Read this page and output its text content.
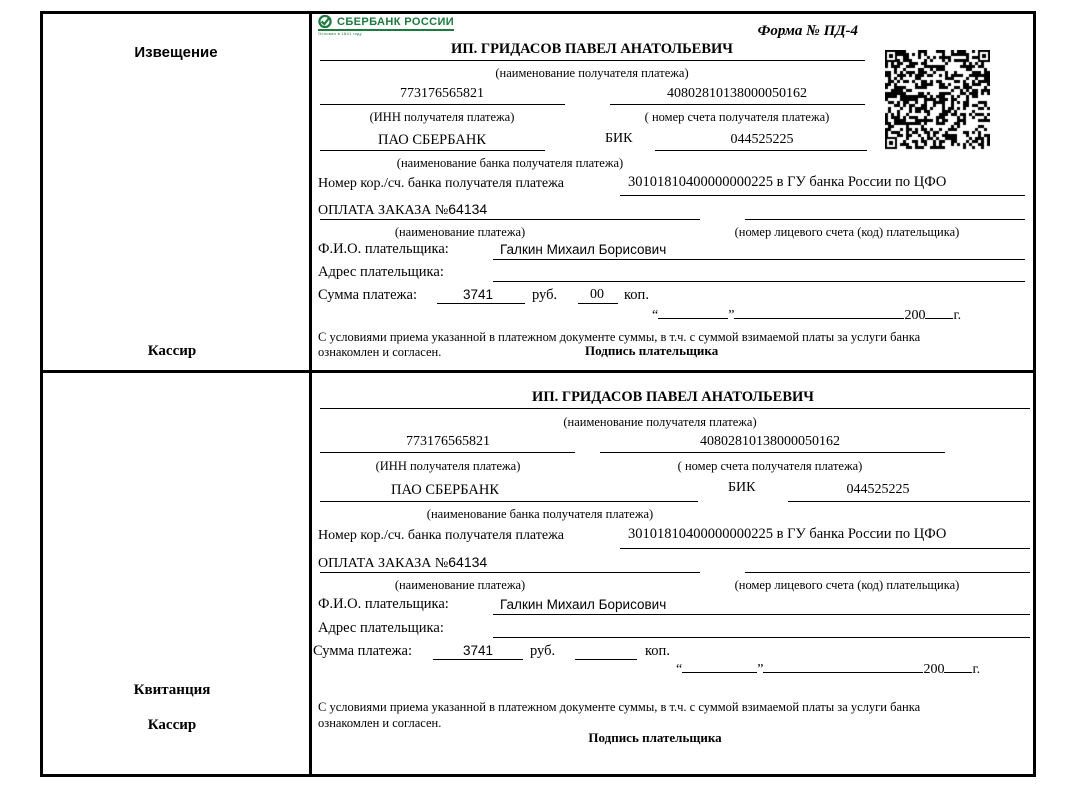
Извещение
Кассир
Квитанция
Кассир
СБЕРБАНК РОССИИ
Основан в 1841 году	Форма № ПД-4
ИП. ГРИДАСОВ ПАВЕЛ АНАТОЛЬЕВИЧ
(наименование получателя платежа)
773176565821	40802810138000050162
(ИНН получателя платежа)	( номер счета получателя платежа)
ПАО СБЕРБАНК	БИК	044525225
(наименование банка получателя платежа)
Номер кор./сч. банка получателя платежа	30101810400000000225 в ГУ банка России по ЦФО
ОПЛАТА ЗАКАЗА №64134
(наименование платежа)	(номер лицевого счета (код) плательщика)
Ф.И.О. плательщика:	Галкин Михаил Борисович
Адрес плательщика:
Сумма платежа:	3741	руб. 00 коп.
“	”	200 г.
С условиями приема указанной в платежном документе суммы, в т.ч. с суммой взимаемой платы за услуги банка
ознакомлен и согласен.	Подпись плательщика
ИП. ГРИДАСОВ ПАВЕЛ АНАТОЛЬЕВИЧ
(наименование получателя платежа)
773176565821	40802810138000050162
(ИНН получателя платежа)	( номер счета получателя платежа)
ПАО СБЕРБАНК	БИК	044525225
(наименование банка получателя платежа)
Номер кор./сч. банка получателя платежа	30101810400000000225 в ГУ банка России по ЦФО
ОПЛАТА ЗАКАЗА №64134
(наименование платежа)	(номер лицевого счета (код) плательщика)
Ф.И.О. плательщика:	Галкин Михаил Борисович
Адрес плательщика:
Сумма платежа:	3741	руб.	коп.
“	”	200 г.
С условиями приема указанной в платежном документе суммы, в т.ч. с суммой взимаемой платы за услуги банка
ознакомлен и согласен.
Подпись плательщика
